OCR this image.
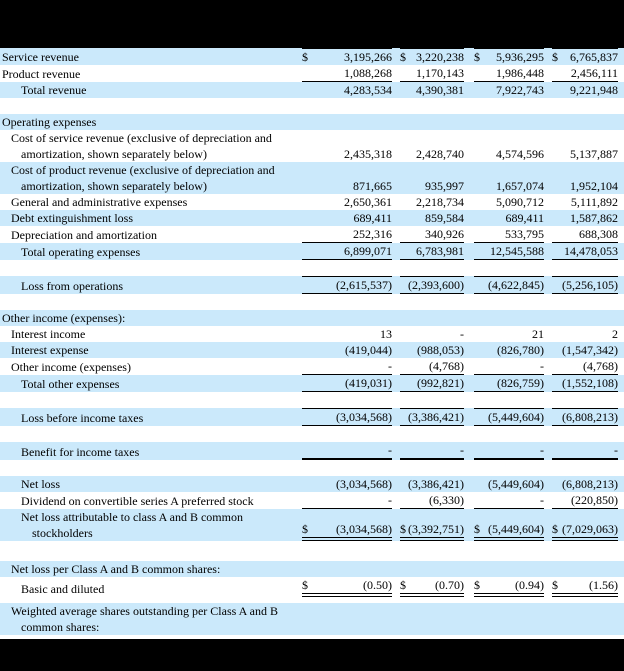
Service revenue	$	3,195,266 $ 3,220,238 $ 5,936,295 $ 6,765,837
Product revenue	1,088,268 1,170,143	1,986,448 2,456,111
Total revenue	4,283,534 4,390,381	7,922,743 9,221,948
Operating expenses
Cost of service revenue (exclusive of depreciation and
amortization, shown separately below)	2,435,318 2,428,740	4,574,596 5,137,887
Cost of product revenue (exclusive of depreciation and
amortization, shown separately below)	871,665	935,997	1,657,074 1,952,104
General and administrative expenses	2,650,361 2,218,734	5,090,712 5,111,892
Debt extinguishment loss	689,411	859,584	689,411 1,587,862
Depreciation and amortization	252,316	340,926	533,795	688,308
Total operating expenses	6,899,071 6,783,981 12,545,588 14,478,053
Loss from operations	(2,615,537) (2,393,600) (4,622,845) (5,256,105)
Other income (expenses):
Interest income	13	-	21	2
Interest expense	(419,044) (988,053)	(826,780) (1,547,342)
Other income (expenses)	-	(4,768)	-	(4,768)
Total other expenses	(419,031) (992,821)	(826,759) (1,552,108)
Loss before income taxes	(3,034,568) (3,386,421) (5,449,604) (6,808,213)
Benefit for income taxes	-	-	-	-
Net loss	(3,034,568) (3,386,421) (5,449,604) (6,808,213)
Dividend on convertible series A preferred stock	-	(6,330)	- (220,850)
Net loss attributable to class A and B common
stockholders	$ (3,034,568) $ (3,392,751) $ (5,449,604) $ (7,029,063)
Net loss per Class A and B common shares:
Basic and diluted	$	(0.50) $ (0.70) $	(0.94) $	(1.56)
Weighted average shares outstanding per Class A and B
common shares:
